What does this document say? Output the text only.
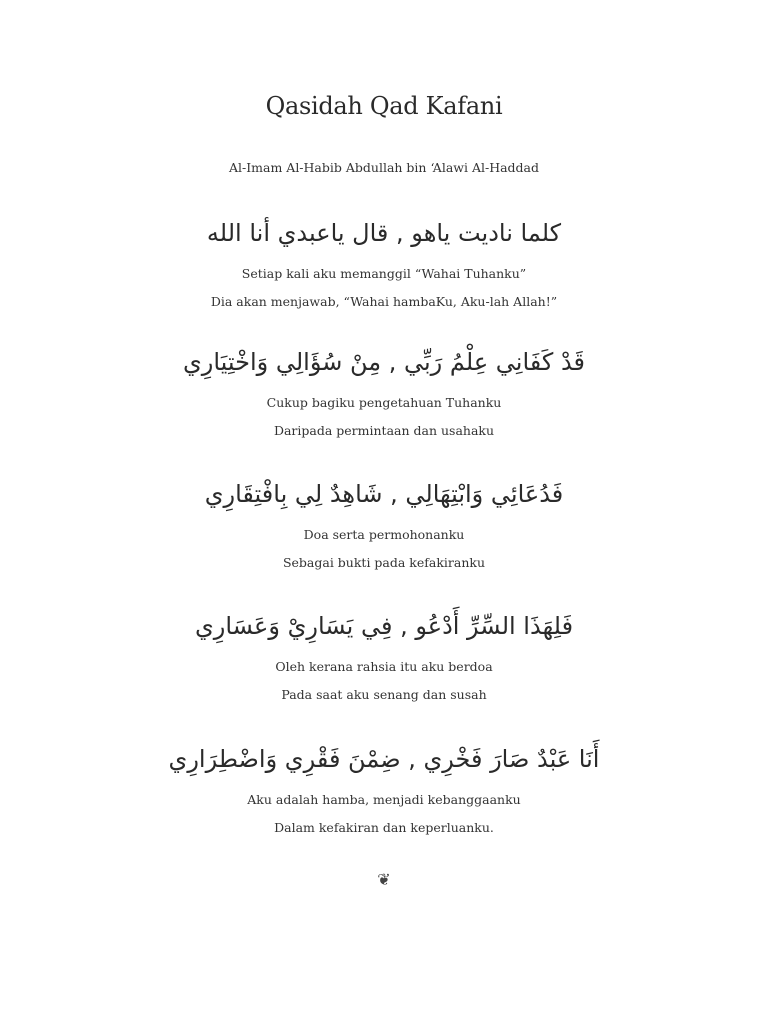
Qasidah Qad Kafani
Al-Imam Al-Habib Abdullah bin ‘Alawi Al-Haddad
كلما ناديت ياهو , قال ياعبدي أنا الله
Setiap kali aku memanggil “Wahai Tuhanku”
Dia akan menjawab, “Wahai hambaKu, Aku-lah Allah!”
قَدْ كَفَانِي عِلْمُ رَبِّي , مِنْ سُؤَالِي وَاخْتِيَارِي
Cukup bagiku pengetahuan Tuhanku
Daripada permintaan dan usahaku
فَدُعَائِي وَابْتِهَالِي , شَاهِدٌ لِي بِافْتِقَارِي
Doa serta permohonanku
Sebagai bukti pada kefakiranku
فَلِهَذَا السِّرِّ أَدْعُو , فِي يَسَارِيْ وَعَسَارِي
Oleh kerana rahsia itu aku berdoa
Pada saat aku senang dan susah
أَنَا عَبْدٌ صَارَ فَخْرِي , ضِمْنَ فَقْرِي وَاضْطِرَارِي
Aku adalah hamba, menjadi kebanggaanku
Dalam kefakiran dan keperluanku.
❦
